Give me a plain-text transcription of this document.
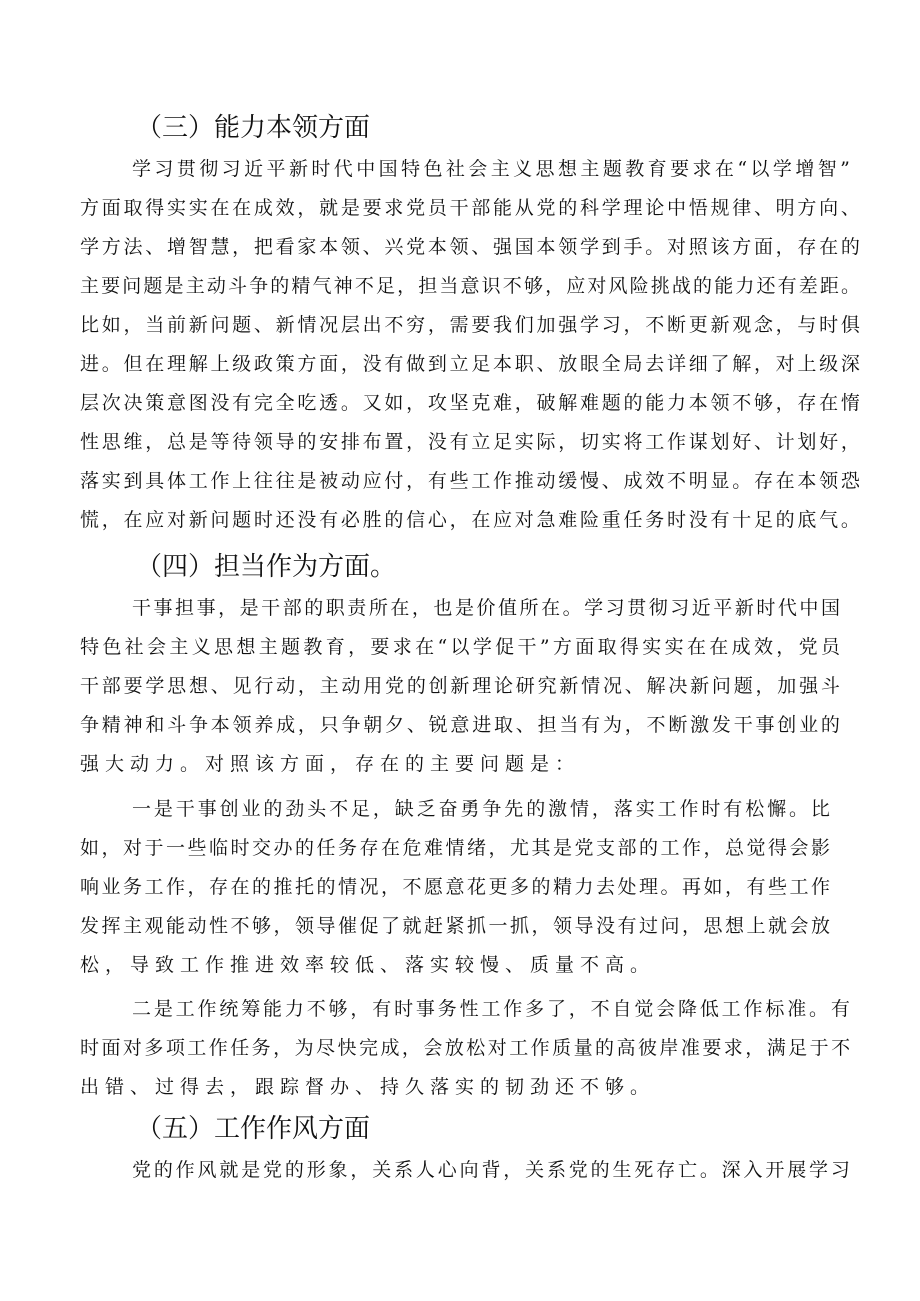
（三）能力本领方面
学习贯彻习近平新时代中国特色社会主义思想主题教育要求在“以学增智”
方面取得实实在在成效，就是要求党员干部能从党的科学理论中悟规律、明方向、
学方法、增智慧，把看家本领、兴党本领、强国本领学到手。对照该方面，存在的
主要问题是主动斗争的精气神不足，担当意识不够，应对风险挑战的能力还有差距。
比如，当前新问题、新情况层出不穷，需要我们加强学习，不断更新观念，与时俱
进。但在理解上级政策方面，没有做到立足本职、放眼全局去详细了解，对上级深
层次决策意图没有完全吃透。又如，攻坚克难，破解难题的能力本领不够，存在惰
性思维，总是等待领导的安排布置，没有立足实际，切实将工作谋划好、计划好，
落实到具体工作上往往是被动应付，有些工作推动缓慢、成效不明显。存在本领恐
慌，在应对新问题时还没有必胜的信心，在应对急难险重任务时没有十足的底气。
（四）担当作为方面。
干事担事，是干部的职责所在，也是价值所在。学习贯彻习近平新时代中国
特色社会主义思想主题教育，要求在“以学促干”方面取得实实在在成效，党员
干部要学思想、见行动，主动用党的创新理论研究新情况、解决新问题，加强斗
争精神和斗争本领养成，只争朝夕、锐意进取、担当有为，不断激发干事创业的
强大动力。对照该方面，存在的主要问题是：
一是干事创业的劲头不足，缺乏奋勇争先的激情，落实工作时有松懈。比
如，对于一些临时交办的任务存在危难情绪，尤其是党支部的工作，总觉得会影
响业务工作，存在的推托的情况，不愿意花更多的精力去处理。再如，有些工作
发挥主观能动性不够，领导催促了就赶紧抓一抓，领导没有过问，思想上就会放
松，导致工作推进效率较低、落实较慢、质量不高。
二是工作统筹能力不够，有时事务性工作多了，不自觉会降低工作标准。有
时面对多项工作任务，为尽快完成，会放松对工作质量的高彼岸准要求，满足于不
出错、过得去，跟踪督办、持久落实的韧劲还不够。
（五）工作作风方面
党的作风就是党的形象，关系人心向背，关系党的生死存亡。深入开展学习
